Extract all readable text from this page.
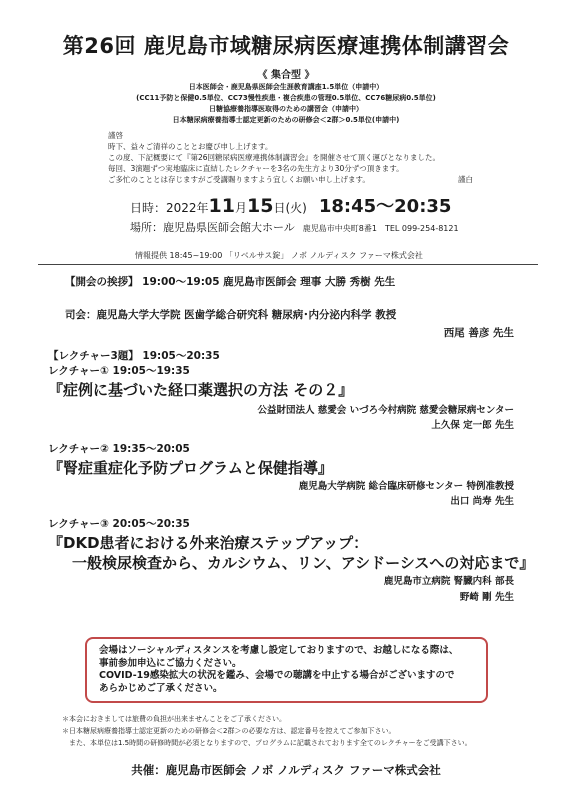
第26回 鹿児島市域糖尿病医療連携体制講習会
《 集合型 》
日本医師会・鹿児島県医師会生涯教育講座1.5単位（申請中）
(CC11予防と保健0.5単位、CC73慢性疾患・複合疾患の管理0.5単位、CC76糖尿病0.5単位)
日糖協療養指導医取得のための講習会（申請中）
日本糖尿病療養指導士認定更新のための研修会＜2群＞0.5単位(申請中)
謹啓
時下、益々ご清祥のこととお慶び申し上げます。
この度、下記概要にて『第26回糖尿病医療連携体制講習会』を開催させて頂く運びとなりました。
毎回、3演題ずつ実地臨床に直結したレクチャーを3名の先生方より30分ずつ頂きます。
ご多忙のこととは存じますがご受講賜りますよう宜しくお願い申し上げます。	謹白
日時：2022年11月15日(火) 18:45〜20:35
場所：鹿児島県医師会館大ホール 鹿児島市中央町8番1　TEL 099-254-8121
情報提供 18:45~19:00 「リベルサス錠」 ノボ ノルディスク ファーマ株式会社
【開会の挨拶】 19:00〜19:05 鹿児島市医師会 理事 大勝 秀樹 先生
司会：鹿児島大学大学院 医歯学総合研究科 糖尿病･内分泌内科学 教授
西尾 善彦 先生
【レクチャー3題】 19:05〜20:35
レクチャー① 19:05〜19:35
『症例に基づいた経口薬選択の方法 その２』
公益財団法人 慈愛会 いづろ今村病院 慈愛会糖尿病センター
上久保 定一郎 先生
レクチャー② 19:35〜20:05
『腎症重症化予防プログラムと保健指導』
鹿児島大学病院 総合臨床研修センター 特例准教授
出口 尚寿 先生
レクチャー③ 20:05〜20:35
『DKD患者における外来治療ステップアップ：
一般検尿検査から、カルシウム、リン、アシドーシスへの対応まで』
鹿児島市立病院 腎臓内科 部長
野崎 剛 先生
会場はソーシャルディスタンスを考慮し設定しておりますので、お越しになる際は、
事前参加申込にご協力ください。
COVID-19感染拡大の状況を鑑み、会場での聴講を中止する場合がございますので
あらかじめご了承ください。
＊本会におきましては旅費の負担が出来ませんことをご了承ください。
＊日本糖尿病療養指導士認定更新のための研修会＜2群＞の必要な方は、認定番号を控えてご参加下さい。
　また、本単位は1.5時間の研修時間が必須となりますので、プログラムに記載されております全てのレクチャーをご受講下さい。
共催：鹿児島市医師会 ノボ ノルディスク ファーマ株式会社
